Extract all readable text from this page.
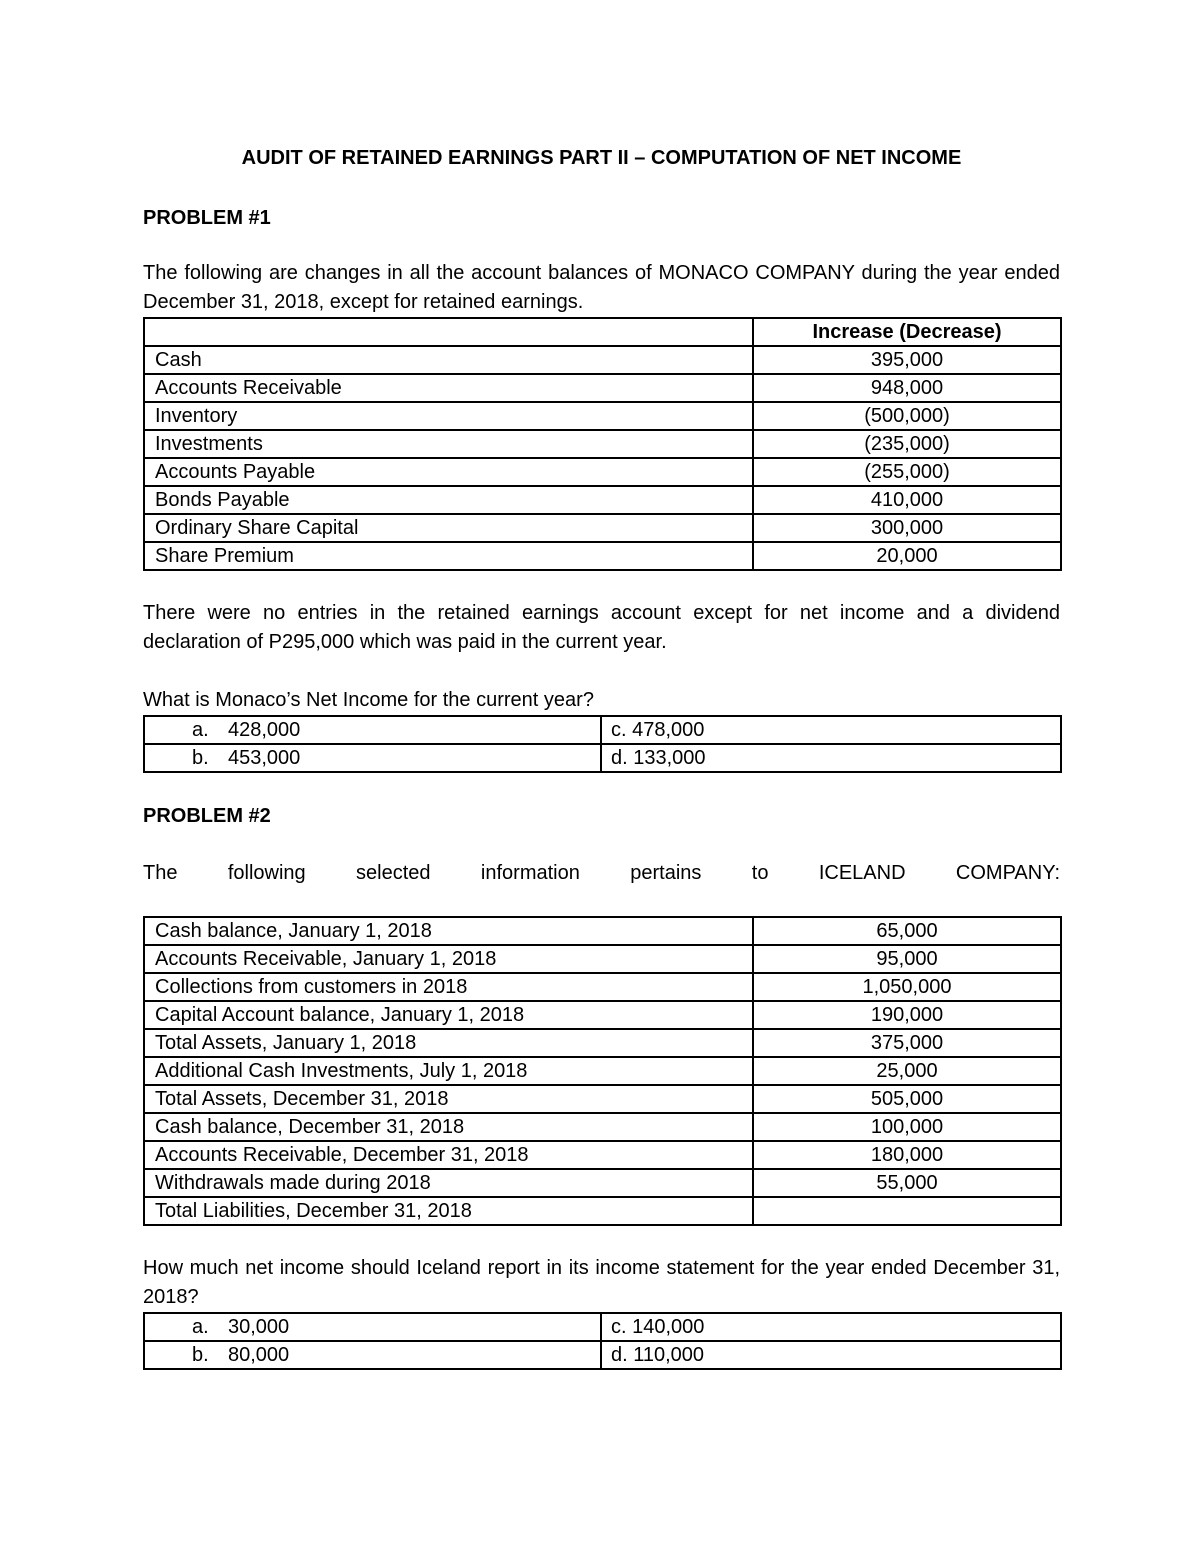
AUDIT OF RETAINED EARNINGS PART II – COMPUTATION OF NET INCOME
PROBLEM #1

The following are changes in all the account balances of MONACO COMPANY during the year ended December 31, 2018, except for retained earnings.

	Increase (Decrease)
Cash	395,000
Accounts Receivable	948,000
Inventory	(500,000)
Investments	(235,000)
Accounts Payable	(255,000)
Bonds Payable	410,000
Ordinary Share Capital	300,000
Share Premium	20,000

There were no entries in the retained earnings account except for net income and a dividend declaration of P295,000 which was paid in the current year.

What is Monaco’s Net Income for the current year?

a. 428,000	c. 478,000
b. 453,000	d. 133,000
PROBLEM #2
The	following	selected	information	pertains	to	ICELAND	COMPANY:
Cash balance, January 1, 2018	65,000
Accounts Receivable, January 1, 2018	95,000
Collections from customers in 2018	1,050,000
Capital Account balance, January 1, 2018	190,000
Total Assets, January 1, 2018	375,000
Additional Cash Investments, July 1, 2018	25,000
Total Assets, December 31, 2018	505,000
Cash balance, December 31, 2018	100,000
Accounts Receivable, December 31, 2018	180,000
Withdrawals made during 2018	55,000
Total Liabilities, December 31, 2018	

How much net income should Iceland report in its income statement for the year ended December 31, 2018?

a. 30,000	c. 140,000
b. 80,000	d. 110,000
